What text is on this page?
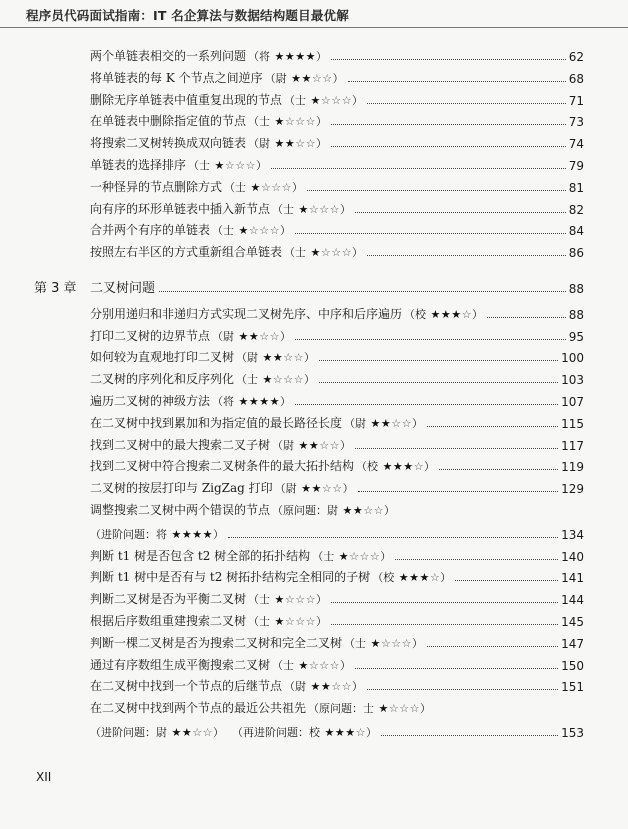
程序员代码面试指南：IT 名企算法与数据结构题目最优解
两个单链表相交的一系列问题 （将 ★★★★）	62
将单链表的每 K 个节点之间逆序 （尉 ★★☆☆）	68
删除无序单链表中值重复出现的节点 （士 ★☆☆☆）	71
在单链表中删除指定值的节点 （士 ★☆☆☆）	73
将搜索二叉树转换成双向链表 （尉 ★★☆☆）	74
单链表的选择排序 （士 ★☆☆☆）	79
一种怪异的节点删除方式 （士 ★☆☆☆）	81
向有序的环形单链表中插入新节点 （士 ★☆☆☆）	82
合并两个有序的单链表 （士 ★☆☆☆）	84
按照左右半区的方式重新组合单链表 （士 ★☆☆☆）	86
第 3 章	二叉树问题	88
分别用递归和非递归方式实现二叉树先序、中序和后序遍历 （校 ★★★☆）	88
打印二叉树的边界节点 （尉 ★★☆☆）	95
如何较为直观地打印二叉树 （尉 ★★☆☆）	100
二叉树的序列化和反序列化 （士 ★☆☆☆）	103
遍历二叉树的神级方法 （将 ★★★★）	107
在二叉树中找到累加和为指定值的最长路径长度 （尉 ★★☆☆）	115
找到二叉树中的最大搜索二叉子树 （尉 ★★☆☆）	117
找到二叉树中符合搜索二叉树条件的最大拓扑结构 （校 ★★★☆）	119
二叉树的按层打印与 ZigZag 打印 （尉 ★★☆☆）	129
调整搜索二叉树中两个错误的节点 （原问题：尉 ★★☆☆）
（进阶问题：将 ★★★★）	134
判断 t1 树是否包含 t2 树全部的拓扑结构 （士 ★☆☆☆）	140
判断 t1 树中是否有与 t2 树拓扑结构完全相同的子树 （校 ★★★☆）	141
判断二叉树是否为平衡二叉树 （士 ★☆☆☆）	144
根据后序数组重建搜索二叉树 （士 ★☆☆☆）	145
判断一棵二叉树是否为搜索二叉树和完全二叉树 （士 ★☆☆☆）	147
通过有序数组生成平衡搜索二叉树 （士 ★☆☆☆）	150
在二叉树中找到一个节点的后继节点 （尉 ★★☆☆）	151
在二叉树中找到两个节点的最近公共祖先 （原问题：士 ★☆☆☆）
（进阶问题：尉 ★★☆☆） （再进阶问题：校 ★★★☆）	153
XII
